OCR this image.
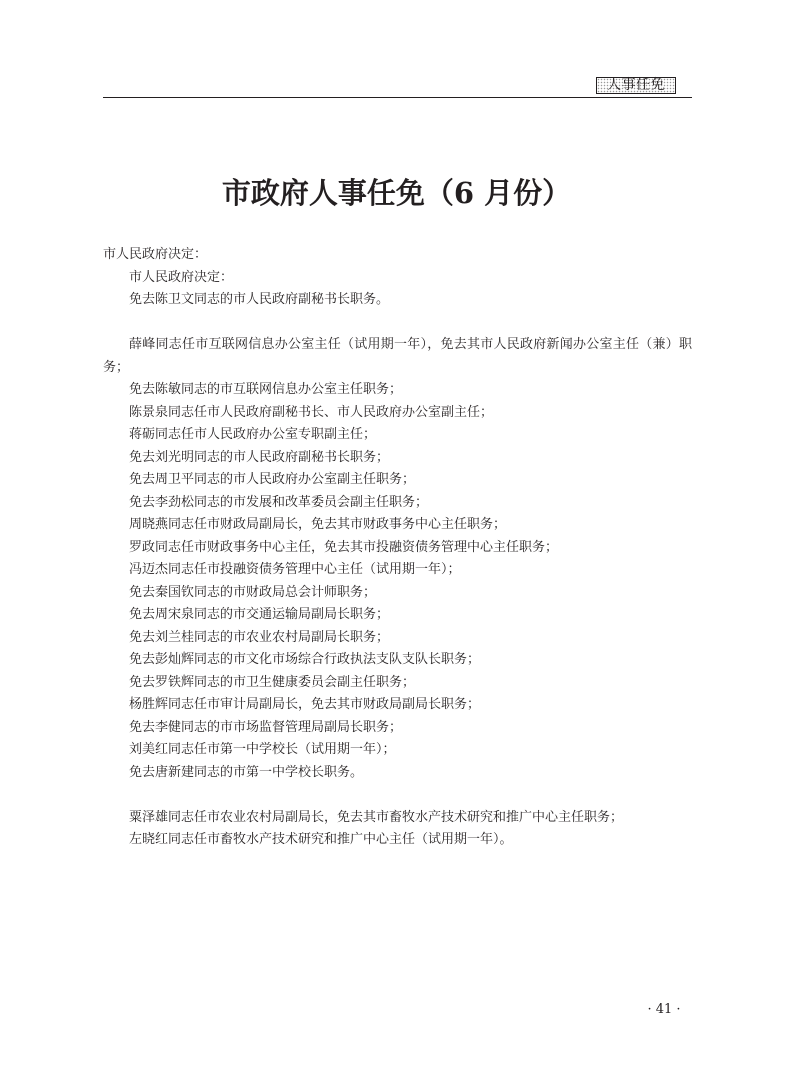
人事任免
市政府人事任免（6 月份）

市人民政府决定：

市人民政府决定：

免去陈卫文同志的市人民政府副秘书长职务。

薛峰同志任市互联网信息办公室主任（试用期一年），免去其市人民政府新闻办公室主任（兼）职务；

免去陈敏同志的市互联网信息办公室主任职务；

陈景泉同志任市人民政府副秘书长、市人民政府办公室副主任；

蒋砺同志任市人民政府办公室专职副主任；

免去刘光明同志的市人民政府副秘书长职务；

免去周卫平同志的市人民政府办公室副主任职务；

免去李劲松同志的市发展和改革委员会副主任职务；

周晓燕同志任市财政局副局长，免去其市财政事务中心主任职务；

罗政同志任市财政事务中心主任，免去其市投融资债务管理中心主任职务；

冯迈杰同志任市投融资债务管理中心主任（试用期一年）；

免去秦国钦同志的市财政局总会计师职务；

免去周宋泉同志的市交通运输局副局长职务；

免去刘兰桂同志的市农业农村局副局长职务；

免去彭灿辉同志的市文化市场综合行政执法支队支队长职务；

免去罗铁辉同志的市卫生健康委员会副主任职务；

杨胜辉同志任市审计局副局长，免去其市财政局副局长职务；

免去李健同志的市市场监督管理局副局长职务；

刘美红同志任市第一中学校长（试用期一年）；

免去唐新建同志的市第一中学校长职务。

粟泽雄同志任市农业农村局副局长，免去其市畜牧水产技术研究和推广中心主任职务；

左晓红同志任市畜牧水产技术研究和推广中心主任（试用期一年）。

· 41 ·
